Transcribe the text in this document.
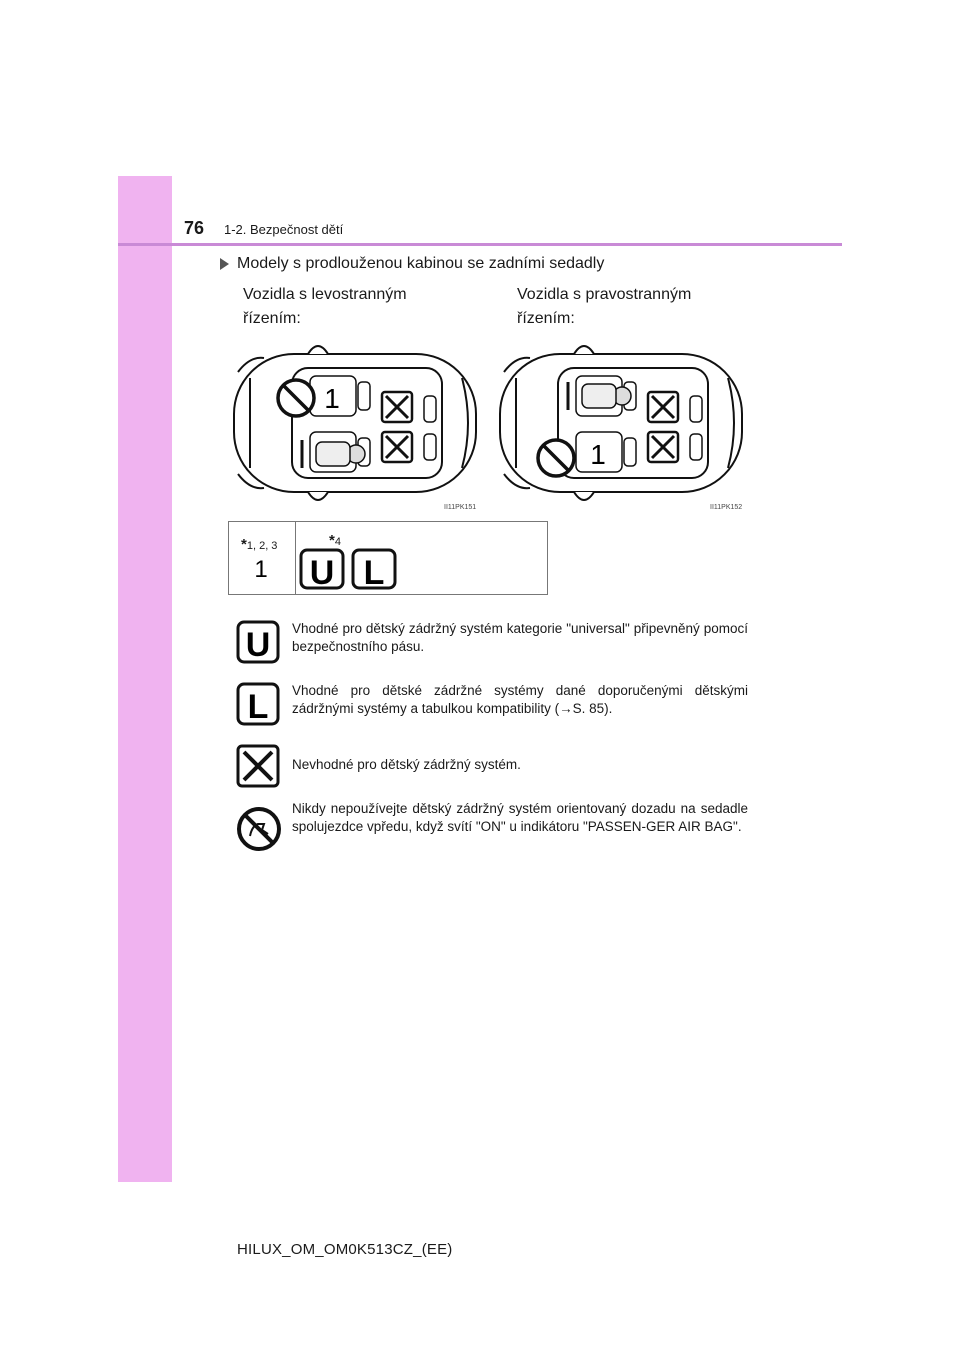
76 1-2. Bezpečnost dětí
Modely s prodlouženou kabinou se zadními sedadly
Vozidla s levostranným
řízením:
Vozidla s pravostranným
řízením:
1
II11PK151
1
II11PK152
*1, 2, 3
1
*4
U L
U Vhodné pro dětský zádržný systém kategorie "universal" připevněný pomocí bezpečnostního pásu.
L Vhodné pro dětské zádržné systémy dané doporučenými dětskými zádržnými systémy a tabulkou kompatibility (→S. 85).
Nevhodné pro dětský zádržný systém.
Nikdy nepoužívejte dětský zádržný systém orientovaný dozadu na sedadle spolujezdce vpředu, když svítí "ON" u indikátoru "PASSEN-GER AIR BAG".
HILUX_OM_OM0K513CZ_(EE)
